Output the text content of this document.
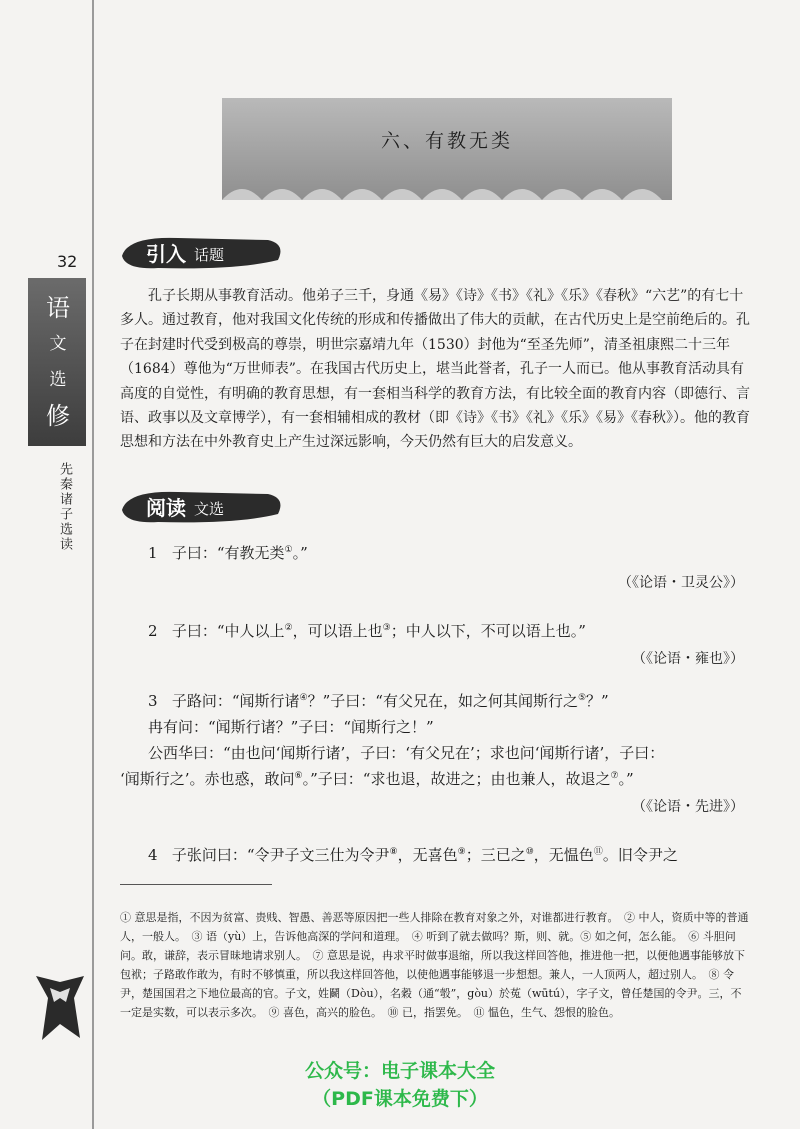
32
语
文
选
修
先秦诸子选读
六、有教无类
引入 话题

孔子长期从事教育活动。他弟子三千，身通《易》《诗》《书》《礼》《乐》《春秋》“六艺”的有七十多人。通过教育，他对我国文化传统的形成和传播做出了伟大的贡献，在古代历史上是空前绝后的。孔子在封建时代受到极高的尊崇，明世宗嘉靖九年（1530）封他为“至圣先师”，清圣祖康熙二十三年（1684）尊他为“万世师表”。在我国古代历史上，堪当此誉者，孔子一人而已。他从事教育活动具有高度的自觉性，有明确的教育思想，有一套相当科学的教育方法，有比较全面的教育内容（即德行、言语、政事以及文章博学），有一套相辅相成的教材（即《诗》《书》《礼》《乐》《易》《春秋》）。他的教育思想和方法在中外教育史上产生过深远影响，今天仍然有巨大的启发意义。

阅读 文选
1 子曰：“有教无类①。”
（《论语・卫灵公》）
2 子曰：“中人以上②，可以语上也③；中人以下，不可以语上也。”
（《论语・雍也》）
3 子路问：“闻斯行诸④？”子曰：“有父兄在，如之何其闻斯行之⑤？”
冉有问：“闻斯行诸？”子曰：“闻斯行之！”
公西华曰：“由也问‘闻斯行诸’，子曰：‘有父兄在’；求也问‘闻斯行诸’，子曰：
‘闻斯行之’。赤也惑，敢问⑥。”子曰：“求也退，故进之；由也兼人，故退之⑦。”
（《论语・先进》）
4 子张问曰：“令尹子文三仕为令尹⑧，无喜色⑨；三已之⑩，无愠色⑪。旧令尹之

① 意思是指，不因为贫富、贵贱、智愚、善恶等原因把一些人排除在教育对象之外，对谁都进行教育。　② 中人，资质中等的普通人，一般人。　③ 语（yù）上，告诉他高深的学问和道理。　④ 听到了就去做吗？斯，则、就。⑤ 如之何，怎么能。　⑥ 斗胆问问。敢，谦辞，表示冒昧地请求别人。　⑦ 意思是说，冉求平时做事退缩，所以我这样回答他，推进他一把，以便他遇事能够放下包袱；子路敢作敢为，有时不够慎重，所以我这样回答他，以使他遇事能够退一步想想。兼人，一人顶两人，超过别人。　⑧ 令尹，楚国国君之下地位最高的官。子文，姓鬬（Dòu），名穀（通“彀”，gòu）於菟（wūtú），字子文，曾任楚国的令尹。三，不一定是实数，可以表示多次。　⑨ 喜色，高兴的脸色。　⑩ 已，指罢免。　⑪ 愠色，生气、怨恨的脸色。

公众号：电子课本大全
（PDF课本免费下）
